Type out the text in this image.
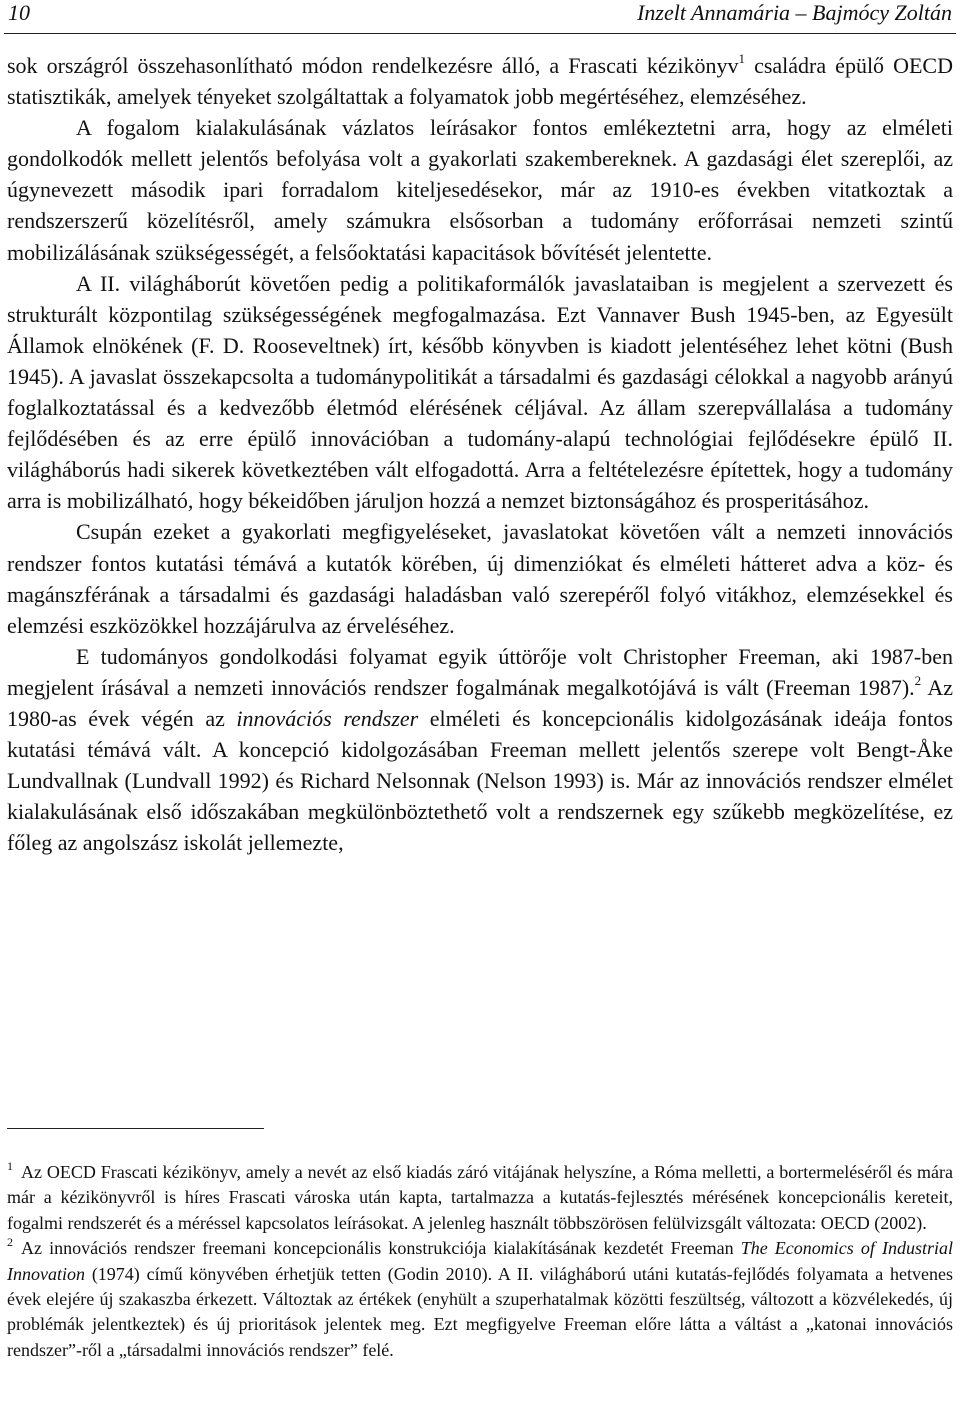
10	Inzelt Annamária – Bajmócy Zoltán

sok országról összehasonlítható módon rendelkezésre álló, a Frascati kézikönyv$^1$ családra épülő OECD statisztikák, amelyek tényeket szolgáltattak a folyamatok jobb megértéséhez, elemzéséhez.

A fogalom kialakulásának vázlatos leírásakor fontos emlékeztetni arra, hogy az elméleti gondolkodók mellett jelentős befolyása volt a gyakorlati szakembereknek. A gazdasági élet szereplői, az úgynevezett második ipari forradalom kiteljesedésekor, már az 1910-es években vitatkoztak a rendszerszerű közelítésről, amely számukra elsősorban a tudomány erőforrásai nemzeti szintű mobilizálásának szükségességét, a felsőoktatási kapacitások bővítését jelentette.

A II. világháborút követően pedig a politikaformálók javaslataiban is megjelent a szervezett és strukturált központilag szükségességének megfogalmazása. Ezt Vannaver Bush 1945-ben, az Egyesült Államok elnökének (F. D. Rooseveltnek) írt, később könyvben is kiadott jelentéséhez lehet kötni (Bush 1945). A javaslat összekapcsolta a tudománypolitikát a társadalmi és gazdasági célokkal a nagyobb arányú foglalkoztatással és a kedvezőbb életmód elérésének céljával. Az állam szerepvállalása a tudomány fejlődésében és az erre épülő innovációban a tudomány-alapú technológiai fejlődésekre épülő II. világháborús hadi sikerek következtében vált elfogadottá. Arra a feltételezésre építettek, hogy a tudomány arra is mobilizálható, hogy békeidőben járuljon hozzá a nemzet biztonságához és prosperitásához.

Csupán ezeket a gyakorlati megfigyeléseket, javaslatokat követően vált a nemzeti innovációs rendszer fontos kutatási témává a kutatók körében, új dimenziókat és elméleti hátteret adva a köz- és magánszférának a társadalmi és gazdasági haladásban való szerepéről folyó vitákhoz, elemzésekkel és elemzési eszközökkel hozzájárulva az érveléséhez.

E tudományos gondolkodási folyamat egyik úttörője volt Christopher Freeman, aki 1987-ben megjelent írásával a nemzeti innovációs rendszer fogalmának megalkotójává is vált (Freeman 1987).$^2$ Az 1980-as évek végén az innovációs rendszer elméleti és koncepcionális kidolgozásának ideája fontos kutatási témává vált. A koncepció kidolgozásában Freeman mellett jelentős szerepe volt Bengt-Åke Lundvallnak (Lundvall 1992) és Richard Nelsonnak (Nelson 1993) is. Már az innovációs rendszer elmélet kialakulásának első időszakában megkülönböztethető volt a rendszernek egy szűkebb megközelítése, ez főleg az angolszász iskolát jellemezte,

$^1$ Az OECD Frascati kézikönyv, amely a nevét az első kiadás záró vitájának helyszíne, a Róma melletti, a bortermeléséről és mára már a kézikönyvről is híres Frascati városka után kapta, tartalmazza a kutatás-fejlesztés mérésének koncepcionális kereteit, fogalmi rendszerét és a méréssel kapcsolatos leírásokat. A jelenleg használt többszörösen felülvizsgált változata: OECD (2002).

$^2$ Az innovációs rendszer freemani koncepcionális konstrukciója kialakításának kezdetét Freeman The Economics of Industrial Innovation (1974) című könyvében érhetjük tetten (Godin 2010). A II. világháború utáni kutatás-fejlődés folyamata a hetvenes évek elejére új szakaszba érkezett. Változtak az értékek (enyhült a szuperhatalmak közötti feszültség, változott a közvélekedés, új problémák jelentkeztek) és új prioritások jelentek meg. Ezt megfigyelve Freeman előre látta a váltást a „katonai innovációs rendszer”-ről a „társadalmi innovációs rendszer” felé.
